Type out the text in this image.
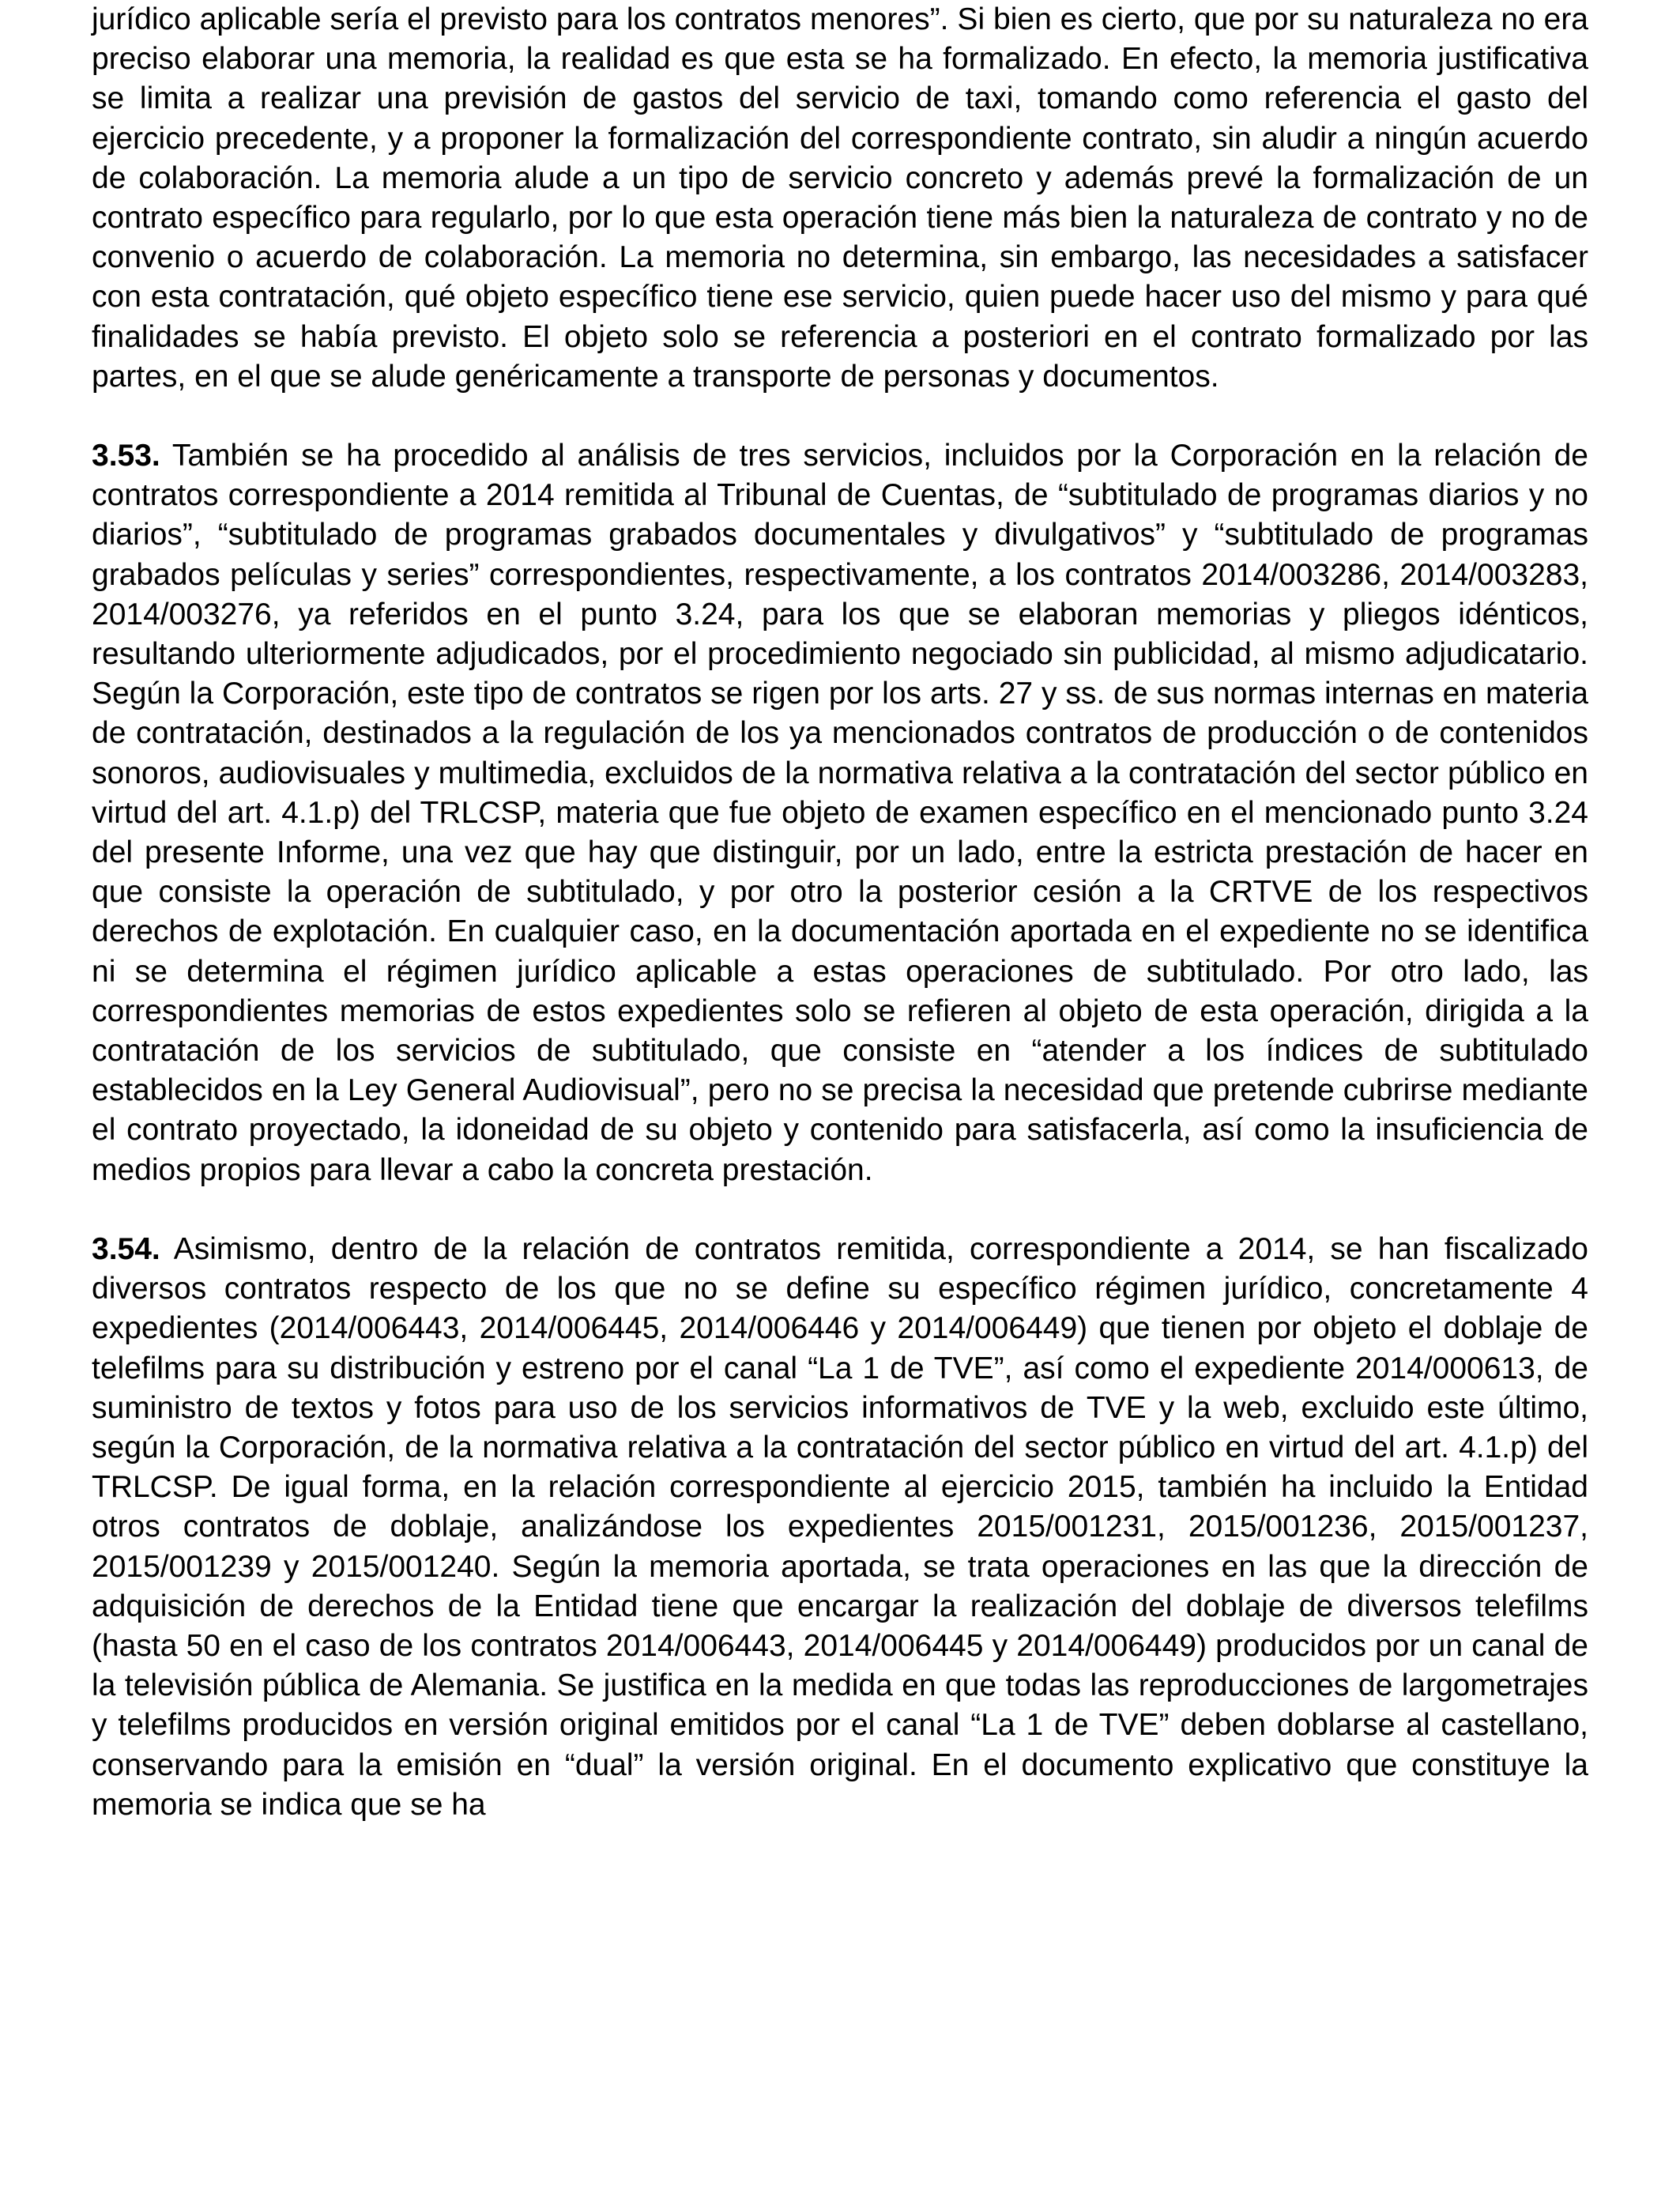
jurídico aplicable sería el previsto para los contratos menores”. Si bien es cierto, que por su naturaleza no era preciso elaborar una memoria, la realidad es que esta se ha formalizado. En efecto, la memoria justificativa se limita a realizar una previsión de gastos del servicio de taxi, tomando como referencia el gasto del ejercicio precedente, y a proponer la formalización del correspondiente contrato, sin aludir a ningún acuerdo de colaboración. La memoria alude a un tipo de servicio concreto y además prevé la formalización de un contrato específico para regularlo, por lo que esta operación tiene más bien la naturaleza de contrato y no de convenio o acuerdo de colaboración. La memoria no determina, sin embargo, las necesidades a satisfacer con esta contratación, qué objeto específico tiene ese servicio, quien puede hacer uso del mismo y para qué finalidades se había previsto. El objeto solo se referencia a posteriori en el contrato formalizado por las partes, en el que se alude genéricamente a transporte de personas y documentos.

3.53. También se ha procedido al análisis de tres servicios, incluidos por la Corporación en la relación de contratos correspondiente a 2014 remitida al Tribunal de Cuentas, de “subtitulado de programas diarios y no diarios”, “subtitulado de programas grabados documentales y divulgativos” y “subtitulado de programas grabados películas y series” correspondientes, respectivamente, a los contratos 2014/003286, 2014/003283, 2014/003276, ya referidos en el punto 3.24, para los que se elaboran memorias y pliegos idénticos, resultando ulteriormente adjudicados, por el procedimiento negociado sin publicidad, al mismo adjudicatario. Según la Corporación, este tipo de contratos se rigen por los arts. 27 y ss. de sus normas internas en materia de contratación, destinados a la regulación de los ya mencionados contratos de producción o de contenidos sonoros, audiovisuales y multimedia, excluidos de la normativa relativa a la contratación del sector público en virtud del art. 4.1.p) del TRLCSP, materia que fue objeto de examen específico en el mencionado punto 3.24 del presente Informe, una vez que hay que distinguir, por un lado, entre la estricta prestación de hacer en que consiste la operación de subtitulado, y por otro la posterior cesión a la CRTVE de los respectivos derechos de explotación. En cualquier caso, en la documentación aportada en el expediente no se identifica ni se determina el régimen jurídico aplicable a estas operaciones de subtitulado. Por otro lado, las correspondientes memorias de estos expedientes solo se refieren al objeto de esta operación, dirigida a la contratación de los servicios de subtitulado, que consiste en “atender a los índices de subtitulado establecidos en la Ley General Audiovisual”, pero no se precisa la necesidad que pretende cubrirse mediante el contrato proyectado, la idoneidad de su objeto y contenido para satisfacerla, así como la insuficiencia de medios propios para llevar a cabo la concreta prestación.

3.54. Asimismo, dentro de la relación de contratos remitida, correspondiente a 2014, se han fiscalizado diversos contratos respecto de los que no se define su específico régimen jurídico, concretamente 4 expedientes (2014/006443, 2014/006445, 2014/006446 y 2014/006449) que tienen por objeto el doblaje de telefilms para su distribución y estreno por el canal “La 1 de TVE”, así como el expediente 2014/000613, de suministro de textos y fotos para uso de los servicios informativos de TVE y la web, excluido este último, según la Corporación, de la normativa relativa a la contratación del sector público en virtud del art. 4.1.p) del TRLCSP. De igual forma, en la relación correspondiente al ejercicio 2015, también ha incluido la Entidad otros contratos de doblaje, analizándose los expedientes 2015/001231, 2015/001236, 2015/001237, 2015/001239 y 2015/001240. Según la memoria aportada, se trata operaciones en las que la dirección de adquisición de derechos de la Entidad tiene que encargar la realización del doblaje de diversos telefilms (hasta 50 en el caso de los contratos 2014/006443, 2014/006445 y 2014/006449) producidos por un canal de la televisión pública de Alemania. Se justifica en la medida en que todas las reproducciones de largometrajes y telefilms producidos en versión original emitidos por el canal “La 1 de TVE” deben doblarse al castellano, conservando para la emisión en “dual” la versión original. En el documento explicativo que constituye la memoria se indica que se ha
